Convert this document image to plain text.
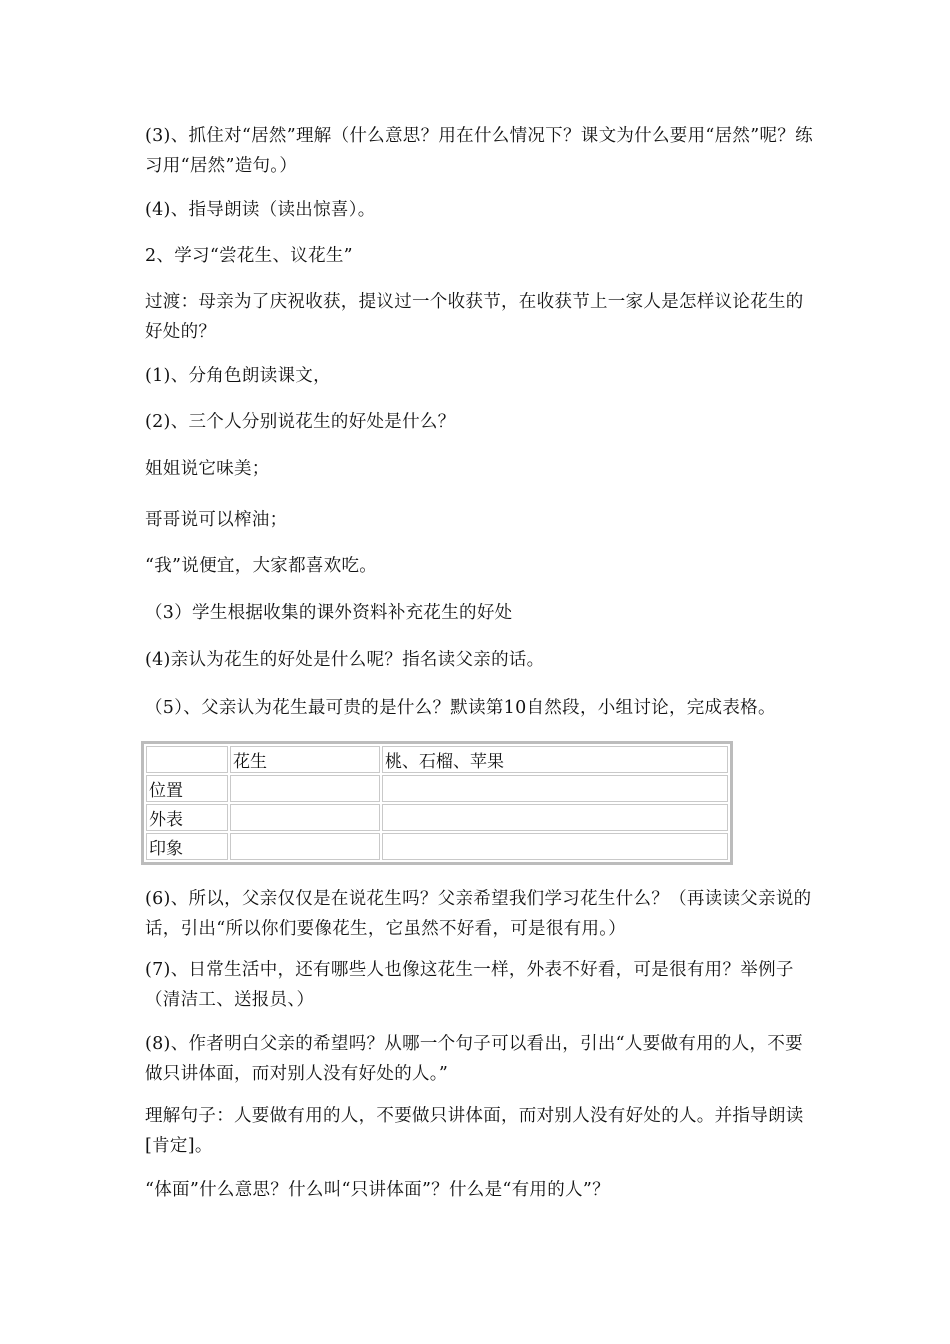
(3)、抓住对“居然”理解（什么意思？用在什么情况下？课文为什么要用“居然”呢？练习用“居然”造句。）

(4)、指导朗读（读出惊喜）。

2、学习“尝花生、议花生”

过渡：母亲为了庆祝收获，提议过一个收获节，在收获节上一家人是怎样议论花生的好处的？

(1)、分角色朗读课文，

(2)、三个人分别说花生的好处是什么？

姐姐说它味美；

哥哥说可以榨油；

“我”说便宜，大家都喜欢吃。

（3）学生根据收集的课外资料补充花生的好处

(4)亲认为花生的好处是什么呢？指名读父亲的话。

（5）、父亲认为花生最可贵的是什么？默读第10自然段，小组讨论，完成表格。

	花生	桃、石榴、苹果
位置		
外表		
印象		

(6)、所以，父亲仅仅是在说花生吗？父亲希望我们学习花生什么？（再读读父亲说的话，引出“所以你们要像花生，它虽然不好看，可是很有用。）

(7)、日常生活中，还有哪些人也像这花生一样，外表不好看，可是很有用？举例子（清洁工、送报员、）

(8)、作者明白父亲的希望吗？从哪一个句子可以看出，引出“人要做有用的人，不要做只讲体面，而对别人没有好处的人。”

理解句子：人要做有用的人，不要做只讲体面，而对别人没有好处的人。并指导朗读[肯定]。

“体面”什么意思？什么叫“只讲体面”？什么是“有用的人”？
